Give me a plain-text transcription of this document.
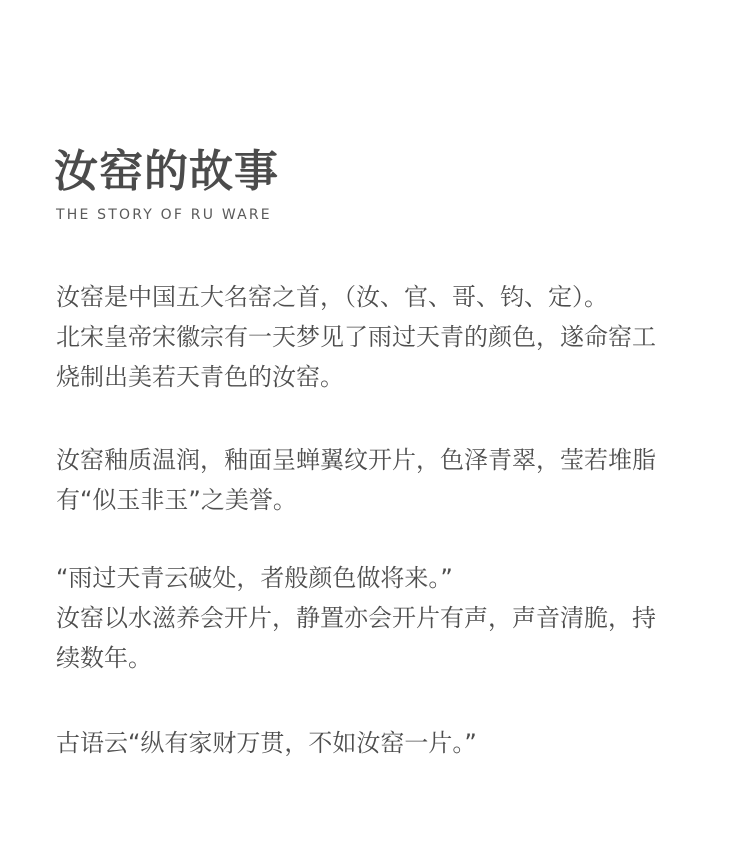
汝窑的故事
THE STORY OF RU WARE
汝窑是中国五大名窑之首，（汝、官、哥、钧、定）。
北宋皇帝宋徽宗有一天梦见了雨过天青的颜色，遂命窑工
烧制出美若天青色的汝窑。
汝窑釉质温润，釉面呈蝉翼纹开片，色泽青翠，莹若堆脂
有“似玉非玉”之美誉。
“雨过天青云破处，者般颜色做将来。”
汝窑以水滋养会开片，静置亦会开片有声，声音清脆，持
续数年。
古语云“纵有家财万贯，不如汝窑一片。”
